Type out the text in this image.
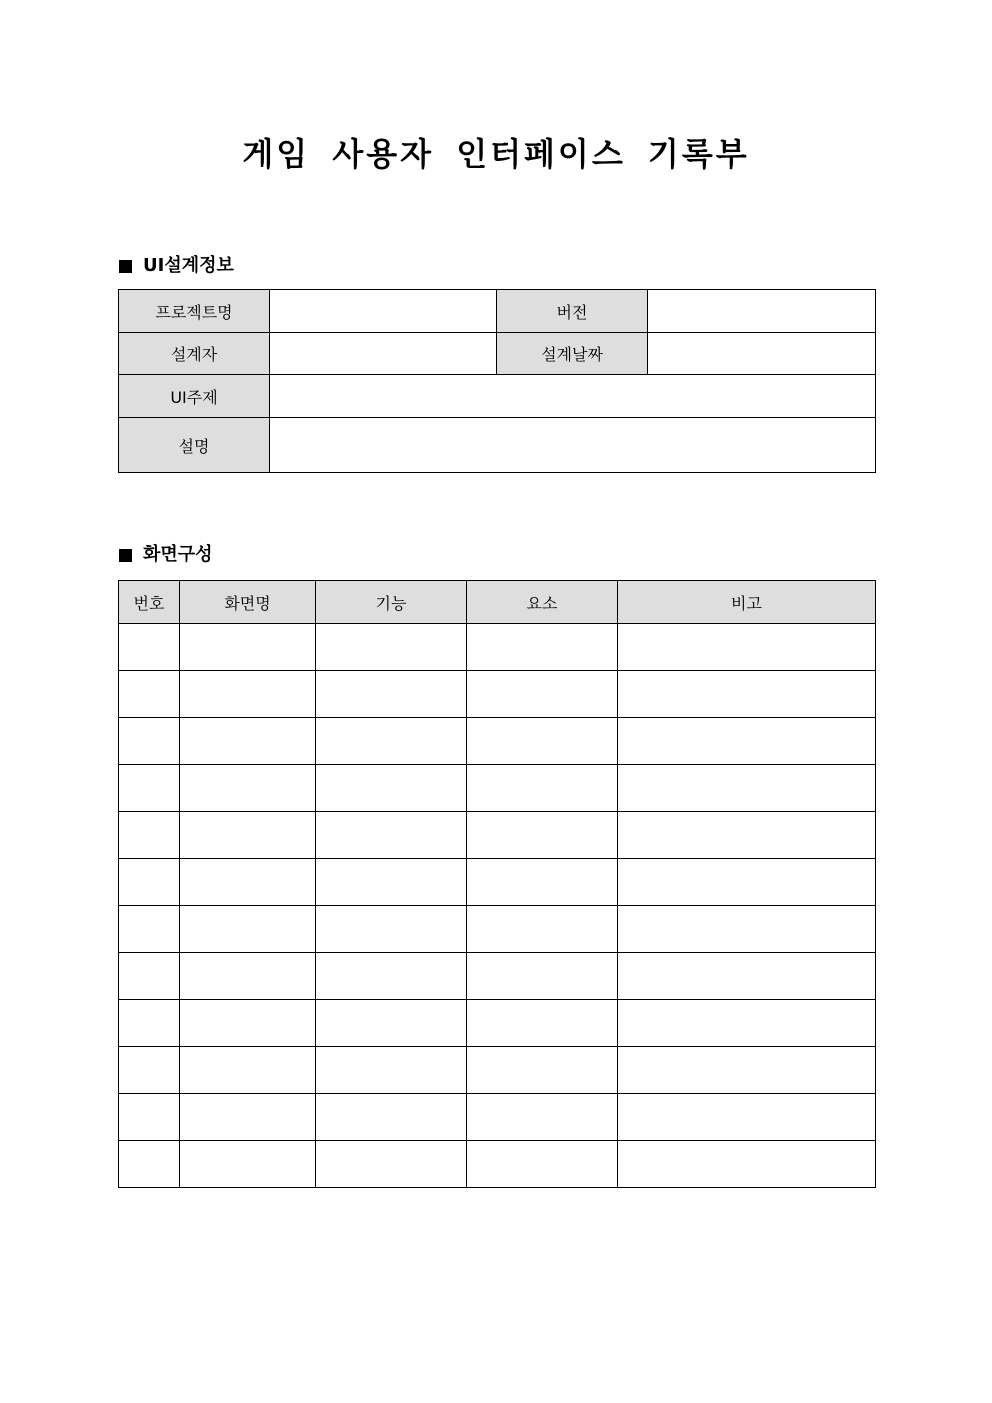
게임 사용자 인터페이스 기록부
UI설계정보
프로젝트명		버전	
설계자		설계날짜	
UI주제			
설명			
화면구성
번호	화면명	기능	요소	비고
